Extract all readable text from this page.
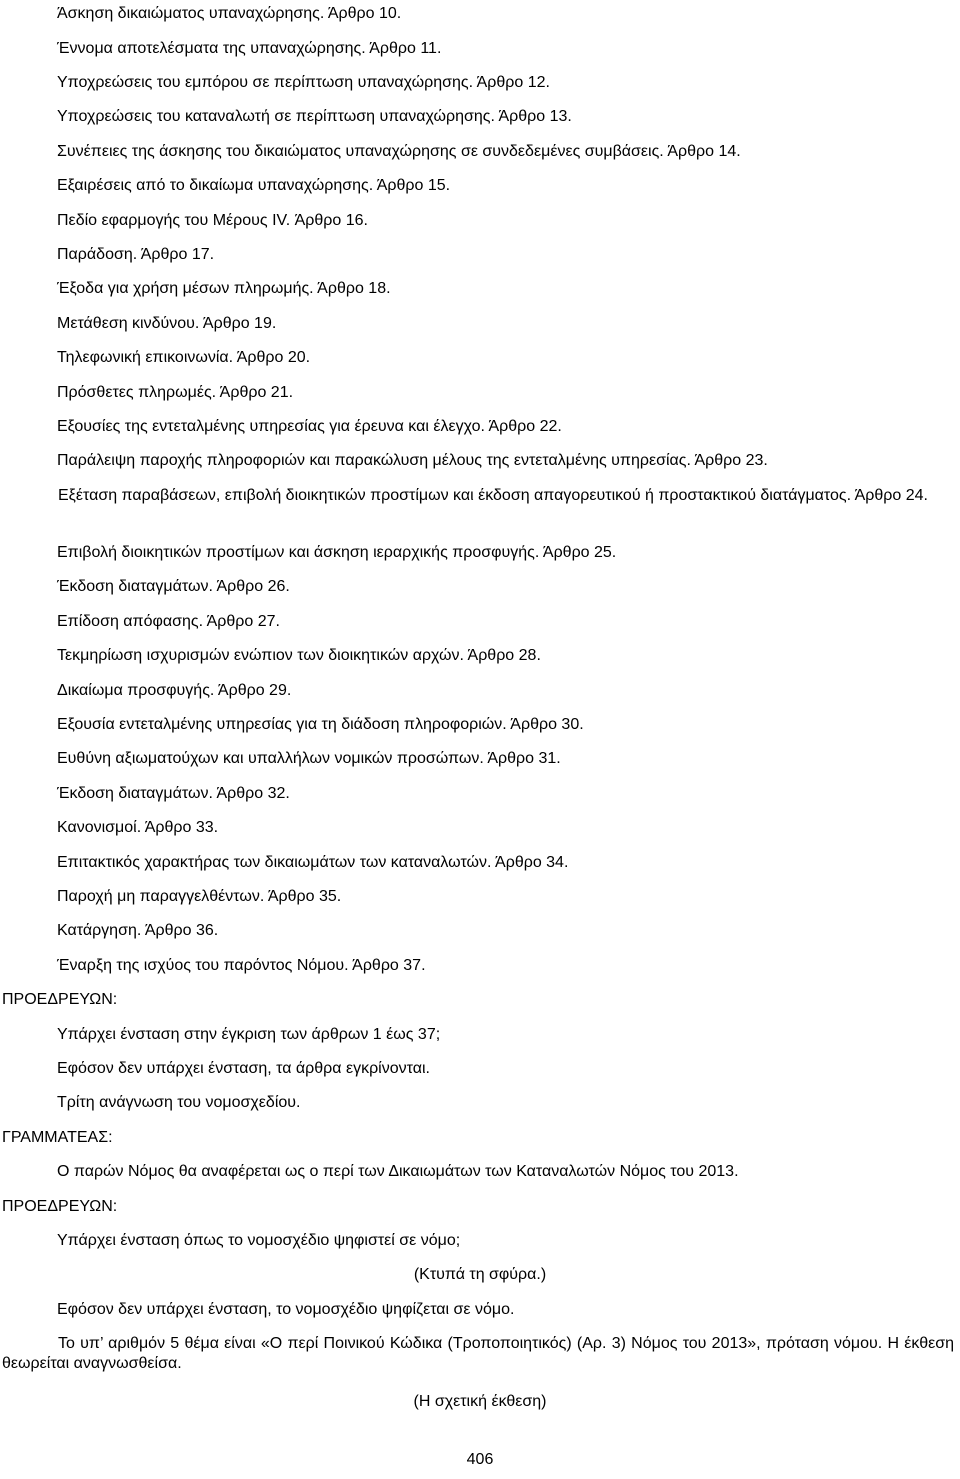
Άσκηση δικαιώματος υπαναχώρησης. Άρθρο 10.
Έννομα αποτελέσματα της υπαναχώρησης. Άρθρο 11.
Υποχρεώσεις του εμπόρου σε περίπτωση υπαναχώρησης. Άρθρο 12.
Υποχρεώσεις του καταναλωτή σε περίπτωση υπαναχώρησης. Άρθρο 13.
Συνέπειες της άσκησης του δικαιώματος υπαναχώρησης σε συνδεδεμένες συμβάσεις. Άρθρο 14.
Εξαιρέσεις από το δικαίωμα υπαναχώρησης. Άρθρο 15.
Πεδίο εφαρμογής του Μέρους IV. Άρθρο 16.
Παράδοση. Άρθρο 17.
Έξοδα για χρήση μέσων πληρωμής. Άρθρο 18.
Μετάθεση κινδύνου. Άρθρο 19.
Τηλεφωνική επικοινωνία. Άρθρο 20.
Πρόσθετες πληρωμές. Άρθρο 21.
Εξουσίες της εντεταλμένης υπηρεσίας για έρευνα και έλεγχο. Άρθρο 22.
Παράλειψη παροχής πληροφοριών και παρακώλυση μέλους της εντεταλμένης υπηρεσίας. Άρθρο 23.
Εξέταση παραβάσεων, επιβολή διοικητικών προστίμων και έκδοση απαγορευτικού ή προστακτικού διατάγματος. Άρθρο 24.
Επιβολή διοικητικών προστίμων και άσκηση ιεραρχικής προσφυγής. Άρθρο 25.
Έκδοση διαταγμάτων. Άρθρο 26.
Επίδοση απόφασης. Άρθρο 27.
Τεκμηρίωση ισχυρισμών ενώπιον των διοικητικών αρχών. Άρθρο 28.
Δικαίωμα προσφυγής. Άρθρο 29.
Εξουσία εντεταλμένης υπηρεσίας για τη διάδοση πληροφοριών. Άρθρο 30.
Ευθύνη αξιωματούχων και υπαλλήλων νομικών προσώπων. Άρθρο 31.
Έκδοση διαταγμάτων. Άρθρο 32.
Κανονισμοί. Άρθρο 33.
Επιτακτικός χαρακτήρας των δικαιωμάτων των καταναλωτών. Άρθρο 34.
Παροχή μη παραγγελθέντων. Άρθρο 35.
Κατάργηση. Άρθρο 36.
Έναρξη της ισχύος του παρόντος Νόμου. Άρθρο 37.
ΠΡΟΕΔΡΕΥΩΝ:
Υπάρχει ένσταση στην έγκριση των άρθρων 1 έως 37;
Εφόσον δεν υπάρχει ένσταση, τα άρθρα εγκρίνονται.
Τρίτη ανάγνωση του νομοσχεδίου.
ΓΡΑΜΜΑΤΕΑΣ:
Ο παρών Νόμος θα αναφέρεται ως ο περί των Δικαιωμάτων των Καταναλωτών Νόμος του 2013.
ΠΡΟΕΔΡΕΥΩΝ:
Υπάρχει ένσταση όπως το νομοσχέδιο ψηφιστεί σε νόμο;
(Κτυπά τη σφύρα.)
Εφόσον δεν υπάρχει ένσταση, το νομοσχέδιο ψηφίζεται σε νόμο.
Το υπ’ αριθμόν 5 θέμα είναι «Ο περί Ποινικού Κώδικα (Τροποποιητικός) (Αρ. 3) Νόμος του 2013», πρόταση νόμου. Η έκθεση θεωρείται αναγνωσθείσα.
(Η σχετική έκθεση)
406
